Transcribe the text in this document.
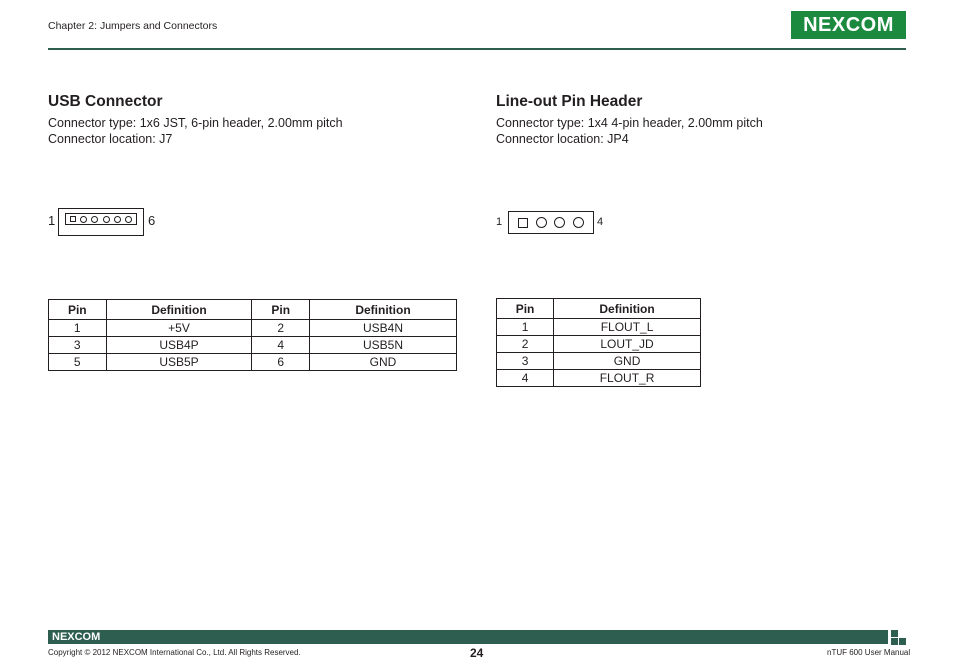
Chapter 2: Jumpers and Connectors	NEXCOM
USB Connector
Connector type: 1x6 JST, 6-pin header, 2.00mm pitch
Connector location: J7
1	6
Pin	Definition	Pin	Definition
1	+5V	2	USB4N
3	USB4P	4	USB5N
5	USB5P	6	GND
Line-out Pin Header
Connector type: 1x4 4-pin header, 2.00mm pitch
Connector location: JP4
1	4
Pin	Definition
1	FLOUT_L
2	LOUT_JD
3	GND
4	FLOUT_R
NEXCOM
Copyright © 2012 NEXCOM International Co., Ltd. All Rights Reserved.	24	nTUF 600 User Manual
